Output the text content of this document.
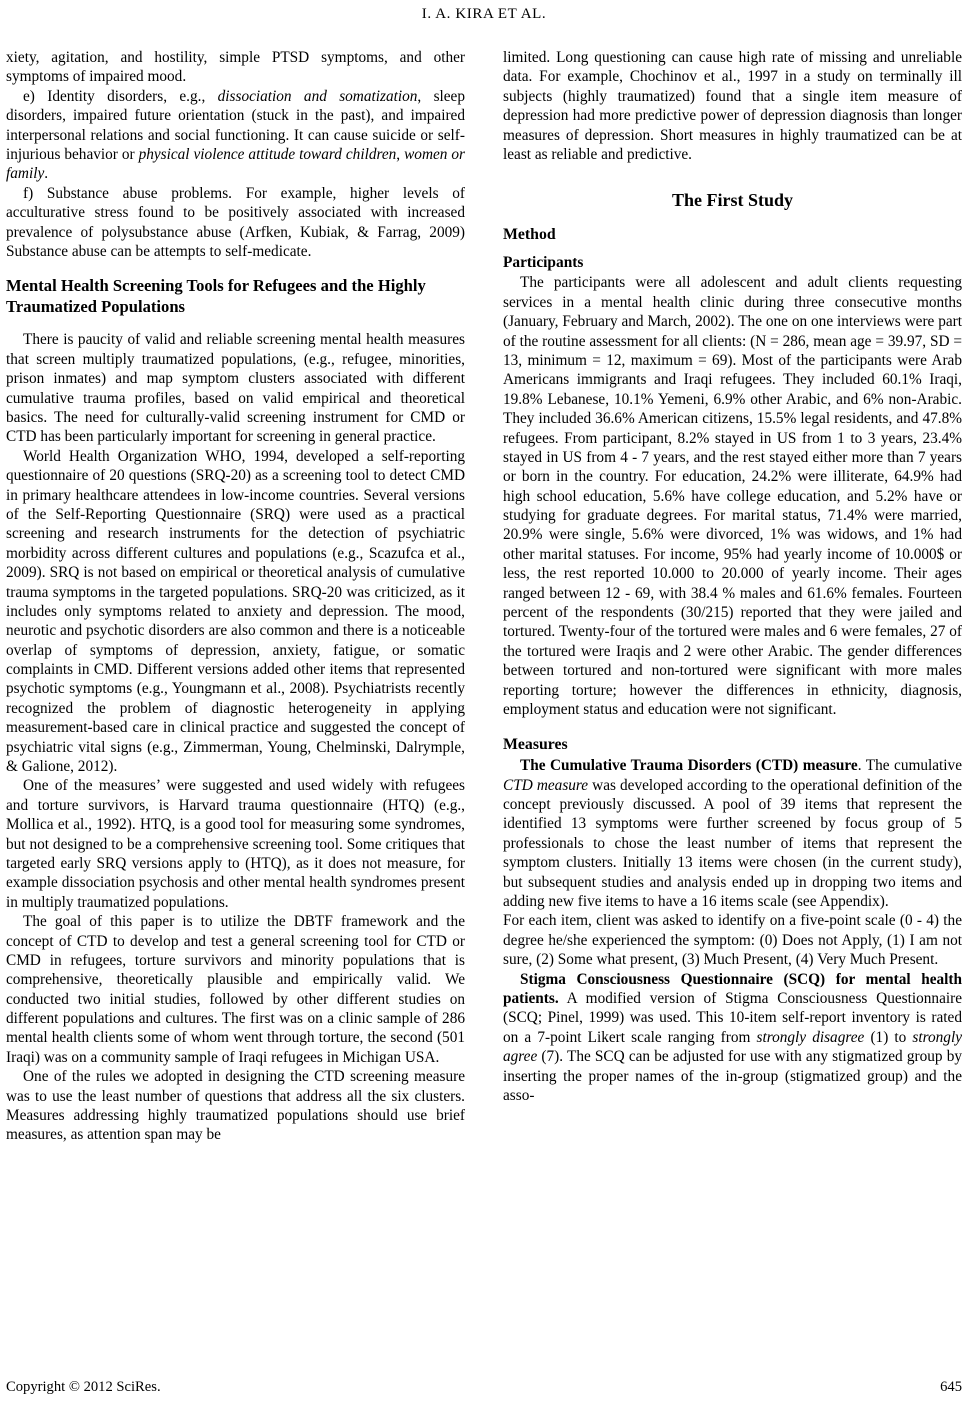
I. A. KIRA ET AL.

xiety, agitation, and hostility, simple PTSD symptoms, and other symptoms of impaired mood.

e) Identity disorders, e.g., dissociation and somatization, sleep disorders, impaired future orientation (stuck in the past), and impaired interpersonal relations and social functioning. It can cause suicide or self-injurious behavior or physical violence attitude toward children, women or family.

f) Substance abuse problems. For example, higher levels of acculturative stress found to be positively associated with increased prevalence of polysubstance abuse (Arfken, Kubiak, & Farrag, 2009) Substance abuse can be attempts to self-medicate.

Mental Health Screening Tools for Refugees and the Highly Traumatized Populations

There is paucity of valid and reliable screening mental health measures that screen multiply traumatized populations, (e.g., refugee, minorities, prison inmates) and map symptom clusters associated with different cumulative trauma profiles, based on valid empirical and theoretical basics. The need for culturally-valid screening instrument for CMD or CTD has been particularly important for screening in general practice.

World Health Organization WHO, 1994, developed a self-reporting questionnaire of 20 questions (SRQ-20) as a screening tool to detect CMD in primary healthcare attendees in low-income countries. Several versions of the Self-Reporting Questionnaire (SRQ) were used as a practical screening and research instruments for the detection of psychiatric morbidity across different cultures and populations (e.g., Scazufca et al., 2009). SRQ is not based on empirical or theoretical analysis of cumulative trauma symptoms in the targeted populations. SRQ-20 was criticized, as it includes only symptoms related to anxiety and depression. The mood, neurotic and psychotic disorders are also common and there is a noticeable overlap of symptoms of depression, anxiety, fatigue, or somatic complaints in CMD. Different versions added other items that represented psychotic symptoms (e.g., Youngmann et al., 2008). Psychiatrists recently recognized the problem of diagnostic heterogeneity in applying measurement-based care in clinical practice and suggested the concept of psychiatric vital signs (e.g., Zimmerman, Young, Chelminski, Dalrymple, & Galione, 2012).

One of the measures’ were suggested and used widely with refugees and torture survivors, is Harvard trauma questionnaire (HTQ) (e.g., Mollica et al., 1992). HTQ, is a good tool for measuring some syndromes, but not designed to be a comprehensive screening tool. Some critiques that targeted early SRQ versions apply to (HTQ), as it does not measure, for example dissociation psychosis and other mental health syndromes present in multiply traumatized populations.

The goal of this paper is to utilize the DBTF framework and the concept of CTD to develop and test a general screening tool for CTD or CMD in refugees, torture survivors and minority populations that is comprehensive, theoretically plausible and empirically valid. We conducted two initial studies, followed by other different studies on different populations and cultures. The first was on a clinic sample of 286 mental health clients some of whom went through torture, the second (501 Iraqi) was on a community sample of Iraqi refugees in Michigan USA.

One of the rules we adopted in designing the CTD screening measure was to use the least number of questions that address all the six clusters. Measures addressing highly traumatized populations should use brief measures, as attention span may be

limited. Long questioning can cause high rate of missing and unreliable data. For example, Chochinov et al., 1997 in a study on terminally ill subjects (highly traumatized) found that a single item measure of depression had more predictive power of depression diagnosis than longer measures of depression. Short measures in highly traumatized can be at least as reliable and predictive.

The First Study
Method
Participants

The participants were all adolescent and adult clients requesting services in a mental health clinic during three consecutive months (January, February and March, 2002). The one on one interviews were part of the routine assessment for all clients: (N = 286, mean age = 39.97, SD = 13, minimum = 12, maximum = 69). Most of the participants were Arab Americans immigrants and Iraqi refugees. They included 60.1% Iraqi, 19.8% Lebanese, 10.1% Yemeni, 6.9% other Arabic, and 6% non-Arabic. They included 36.6% American citizens, 15.5% legal residents, and 47.8% refugees. From participant, 8.2% stayed in US from 1 to 3 years, 23.4% stayed in US from 4 - 7 years, and the rest stayed either more than 7 years or born in the country. For education, 24.2% were illiterate, 64.9% had high school education, 5.6% have college education, and 5.2% have or studying for graduate degrees. For marital status, 71.4% were married, 20.9% were single, 5.6% were divorced, 1% was widows, and 1% had other marital statuses. For income, 95% had yearly income of 10.000$ or less, the rest reported 10.000 to 20.000 of yearly income. Their ages ranged between 12 - 69, with 38.4 % males and 61.6% females. Fourteen percent of the respondents (30/215) reported that they were jailed and tortured. Twenty-four of the tortured were males and 6 were females, 27 of the tortured were Iraqis and 2 were other Arabic. The gender differences between tortured and non-tortured were significant with more males reporting torture; however the differences in ethnicity, diagnosis, employment status and education were not significant.

Measures

The Cumulative Trauma Disorders (CTD) measure. The cumulative CTD measure was developed according to the operational definition of the concept previously discussed. A pool of 39 items that represent the identified 13 symptoms were further screened by focus group of 5 professionals to chose the least number of items that represent the symptom clusters. Initially 13 items were chosen (in the current study), but subsequent studies and analysis ended up in dropping two items and adding new five items to have a 16 items scale (see Appendix).

For each item, client was asked to identify on a five-point scale (0 - 4) the degree he/she experienced the symptom: (0) Does not Apply, (1) I am not sure, (2) Some what present, (3) Much Present, (4) Very Much Present.

Stigma Consciousness Questionnaire (SCQ) for mental health patients. A modified version of Stigma Consciousness Questionnaire (SCQ; Pinel, 1999) was used. This 10-item self-report inventory is rated on a 7-point Likert scale ranging from strongly disagree (1) to strongly agree (7). The SCQ can be adjusted for use with any stigmatized group by inserting the proper names of the in-group (stigmatized group) and the asso-

Copyright © 2012 SciRes.	645
